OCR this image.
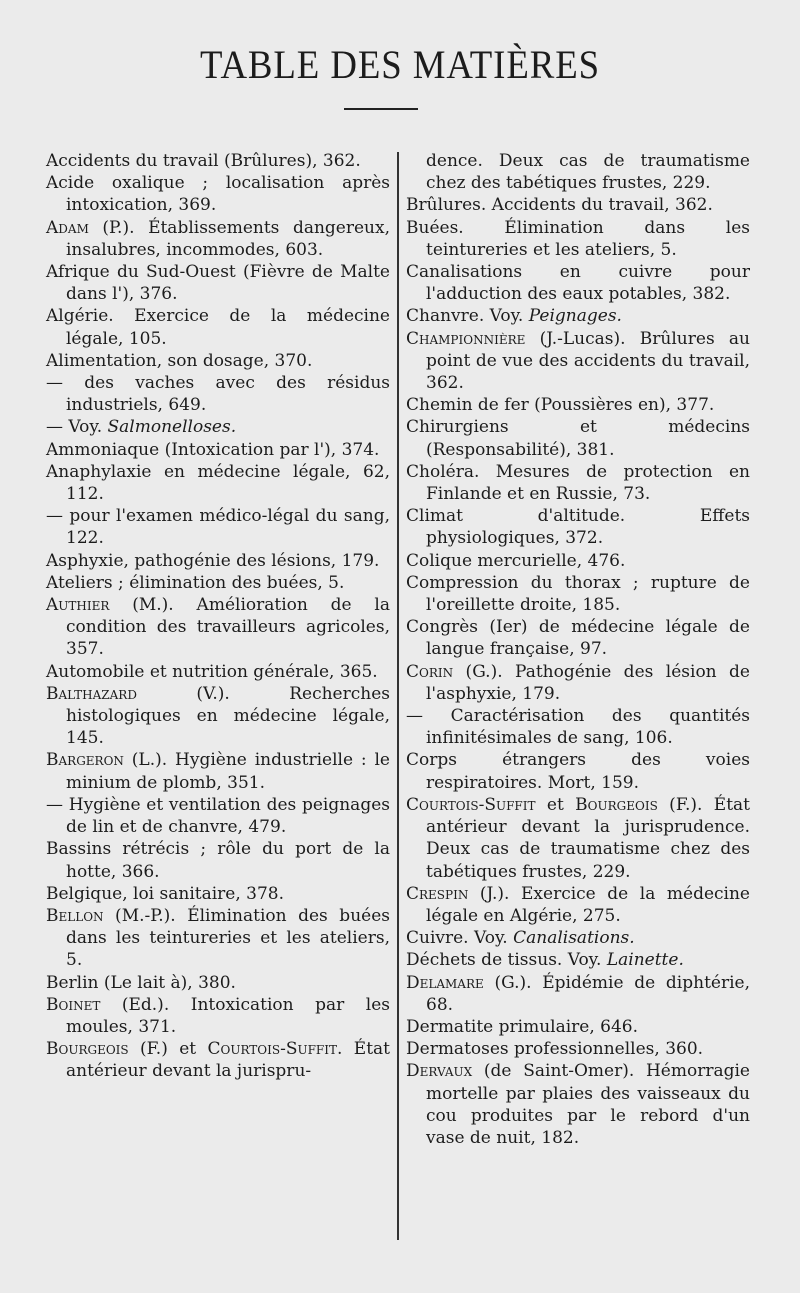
TABLE DES MATIÈRES

Accidents du travail (Brûlures), 362.

Acide oxalique ; localisation après intoxication, 369.

Adam (P.). Établissements dangereux, insalubres, incommodes, 603.

Afrique du Sud-Ouest (Fièvre de Malte dans l'), 376.

Algérie. Exercice de la médecine légale, 105.

Alimentation, son dosage, 370.

— des vaches avec des résidus industriels, 649.

— Voy. Salmonelloses.

Ammoniaque (Intoxication par l'), 374.

Anaphylaxie en médecine légale, 62, 112.

— pour l'examen médico-légal du sang, 122.

Asphyxie, pathogénie des lésions, 179.

Ateliers ; élimination des buées, 5.

Authier (M.). Amélioration de la condition des travailleurs agricoles, 357.

Automobile et nutrition générale, 365.

Balthazard (V.). Recherches histologiques en médecine légale, 145.

Bargeron (L.). Hygiène industrielle : le minium de plomb, 351.

— Hygiène et ventilation des peignages de lin et de chanvre, 479.

Bassins rétrécis ; rôle du port de la hotte, 366.

Belgique, loi sanitaire, 378.

Bellon (M.-P.). Élimination des buées dans les teintureries et les ateliers, 5.

Berlin (Le lait à), 380.

Boinet (Ed.). Intoxication par les moules, 371.

Bourgeois (F.) et Courtois-Suffit. État antérieur devant la jurispru-

dence. Deux cas de traumatisme chez des tabétiques frustes, 229.

Brûlures. Accidents du travail, 362.

Buées. Élimination dans les teintureries et les ateliers, 5.

Canalisations en cuivre pour l'adduction des eaux potables, 382.

Chanvre. Voy. Peignages.

Championnière (J.-Lucas). Brûlures au point de vue des accidents du travail, 362.

Chemin de fer (Poussières en), 377.

Chirurgiens et médecins (Responsabilité), 381.

Choléra. Mesures de protection en Finlande et en Russie, 73.

Climat d'altitude. Effets physiologiques, 372.

Colique mercurielle, 476.

Compression du thorax ; rupture de l'oreillette droite, 185.

Congrès (Ier) de médecine légale de langue française, 97.

Corin (G.). Pathogénie des lésion de l'asphyxie, 179.

— Caractérisation des quantités infinitésimales de sang, 106.

Corps étrangers des voies respiratoires. Mort, 159.

Courtois-Suffit et Bourgeois (F.). État antérieur devant la jurisprudence. Deux cas de traumatisme chez des tabétiques frustes, 229.

Crespin (J.). Exercice de la médecine légale en Algérie, 275.

Cuivre. Voy. Canalisations.

Déchets de tissus. Voy. Lainette.

Delamare (G.). Épidémie de diphtérie, 68.

Dermatite primulaire, 646.

Dermatoses professionnelles, 360.

Dervaux (de Saint-Omer). Hémorragie mortelle par plaies des vaisseaux du cou produites par le rebord d'un vase de nuit, 182.
